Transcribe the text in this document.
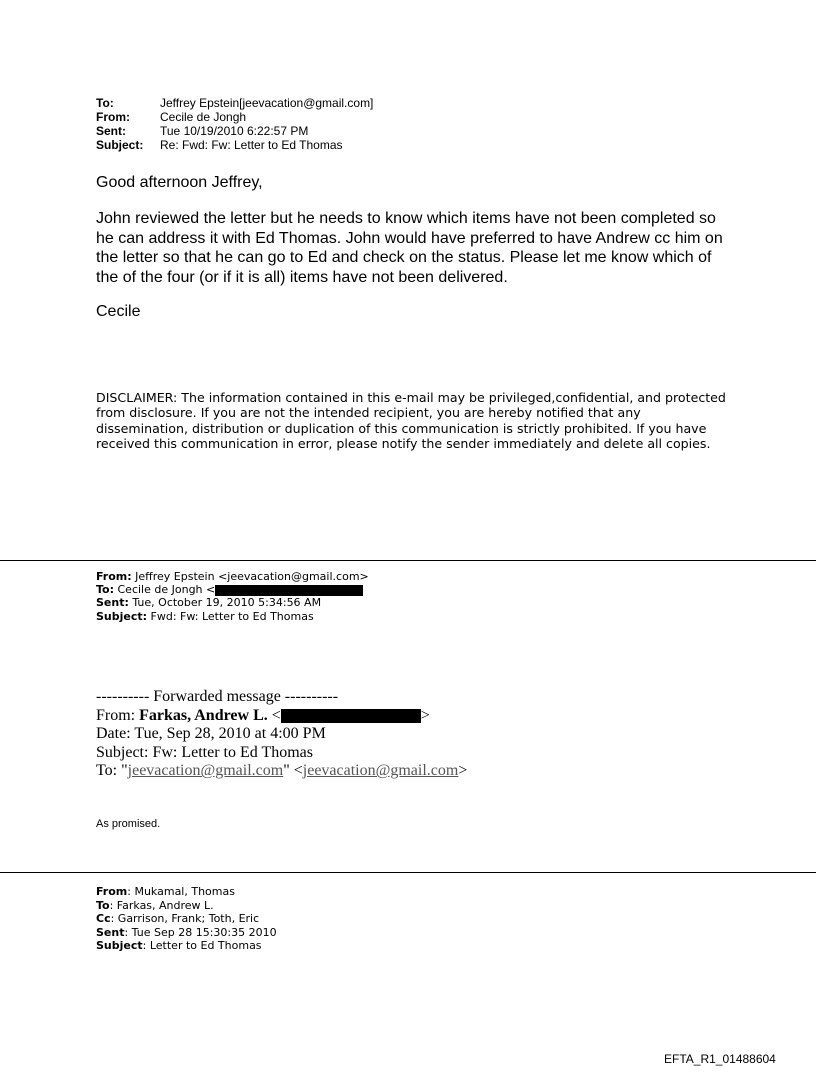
To:	Jeffrey Epstein[jeevacation@gmail.com]
From:	Cecile de Jongh
Sent:	Tue 10/19/2010 6:22:57 PM
Subject:	Re: Fwd: Fw: Letter to Ed Thomas
Good afternoon Jeffrey,
John reviewed the letter but he needs to know which items have not been completed so he can address it with Ed Thomas. John would have preferred to have Andrew cc him on the letter so that he can go to Ed and check on the status. Please let me know which of the of the four (or if it is all) items have not been delivered.
Cecile
DISCLAIMER: The information contained in this e-mail may be privileged,confidential, and protected from disclosure. If you are not the intended recipient, you are hereby notified that any dissemination, distribution or duplication of this communication is strictly prohibited. If you have received this communication in error, please notify the sender immediately and delete all copies.
From: Jeffrey Epstein <jeevacation@gmail.com>
To: Cecile de Jongh <
Sent: Tue, October 19, 2010 5:34:56 AM
Subject: Fwd: Fw: Letter to Ed Thomas
---------- Forwarded message ----------
From: Farkas, Andrew L. <	>
Date: Tue, Sep 28, 2010 at 4:00 PM
Subject: Fw: Letter to Ed Thomas
To: "jeevacation@gmail.com" <jeevacation@gmail.com>
As promised.
From: Mukamal, Thomas
To: Farkas, Andrew L.
Cc: Garrison, Frank; Toth, Eric
Sent: Tue Sep 28 15:30:35 2010
Subject: Letter to Ed Thomas
EFTA_R1_01488604
